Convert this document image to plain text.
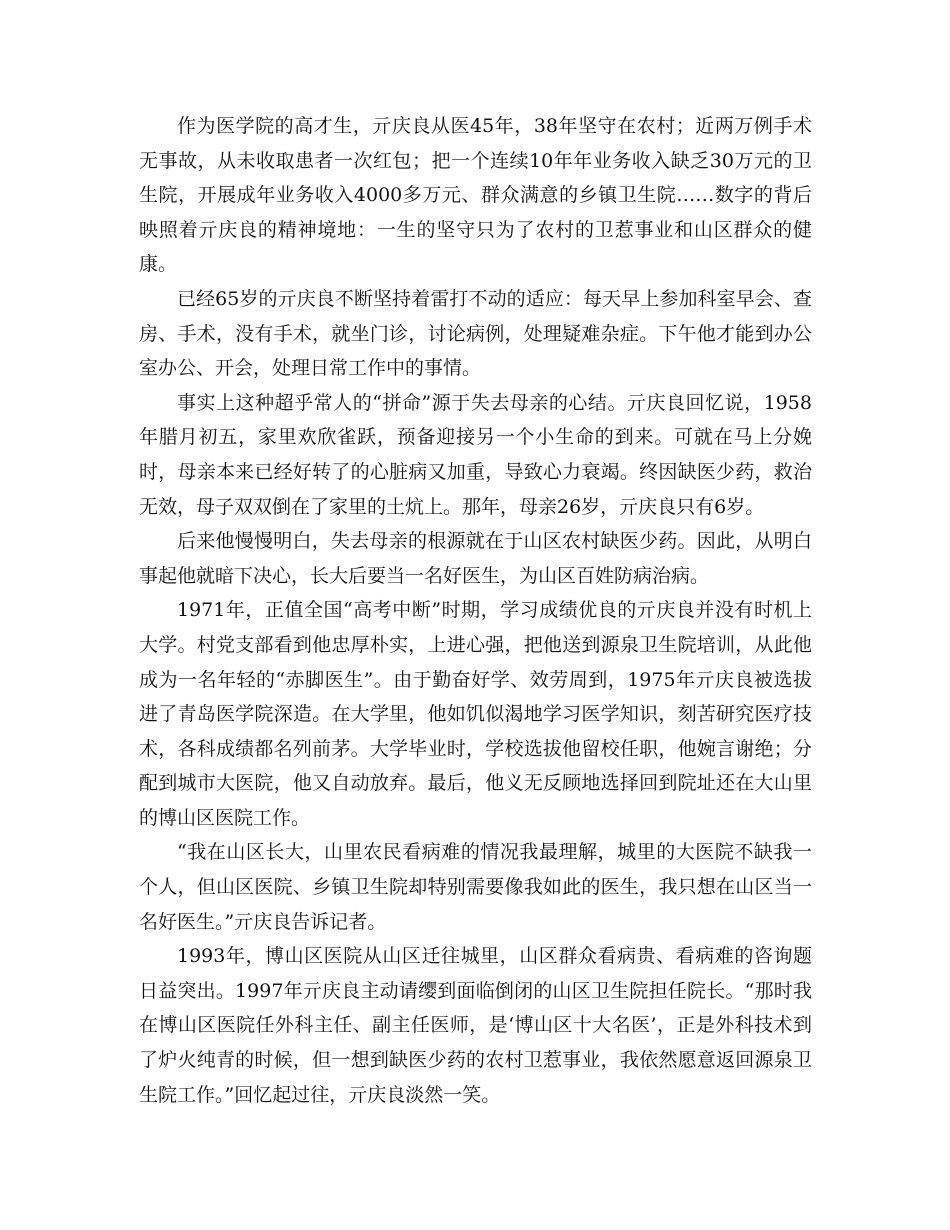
作为医学院的高才生，亓庆良从医45年，38年坚守在农村；近两万例手术无事故，从未收取患者一次红包；把一个连续10年年业务收入缺乏30万元的卫生院，开展成年业务收入4000多万元、群众满意的乡镇卫生院……数字的背后映照着亓庆良的精神境地：一生的坚守只为了农村的卫惹事业和山区群众的健康。

已经65岁的亓庆良不断坚持着雷打不动的适应：每天早上参加科室早会、查房、手术，没有手术，就坐门诊，讨论病例，处理疑难杂症。下午他才能到办公室办公、开会，处理日常工作中的事情。

事实上这种超乎常人的“拼命”源于失去母亲的心结。亓庆良回忆说，1958年腊月初五，家里欢欣雀跃，预备迎接另一个小生命的到来。可就在马上分娩时，母亲本来已经好转了的心脏病又加重，导致心力衰竭。终因缺医少药，救治无效，母子双双倒在了家里的土炕上。那年，母亲26岁，亓庆良只有6岁。

后来他慢慢明白，失去母亲的根源就在于山区农村缺医少药。因此，从明白事起他就暗下决心，长大后要当一名好医生，为山区百姓防病治病。

1971年，正值全国“高考中断”时期，学习成绩优良的亓庆良并没有时机上大学。村党支部看到他忠厚朴实，上进心强，把他送到源泉卫生院培训，从此他成为一名年轻的“赤脚医生”。由于勤奋好学、效劳周到，1975年亓庆良被选拔进了青岛医学院深造。在大学里，他如饥似渴地学习医学知识，刻苦研究医疗技术，各科成绩都名列前茅。大学毕业时，学校选拔他留校任职，他婉言谢绝；分配到城市大医院，他又自动放弃。最后，他义无反顾地选择回到院址还在大山里的博山区医院工作。

“我在山区长大，山里农民看病难的情况我最理解，城里的大医院不缺我一个人，但山区医院、乡镇卫生院却特别需要像我如此的医生，我只想在山区当一名好医生。”亓庆良告诉记者。

1993年，博山区医院从山区迁往城里，山区群众看病贵、看病难的咨询题日益突出。1997年亓庆良主动请缨到面临倒闭的山区卫生院担任院长。“那时我在博山区医院任外科主任、副主任医师，是‘博山区十大名医’，正是外科技术到了炉火纯青的时候，但一想到缺医少药的农村卫惹事业，我依然愿意返回源泉卫生院工作。”回忆起过往，亓庆良淡然一笑。
